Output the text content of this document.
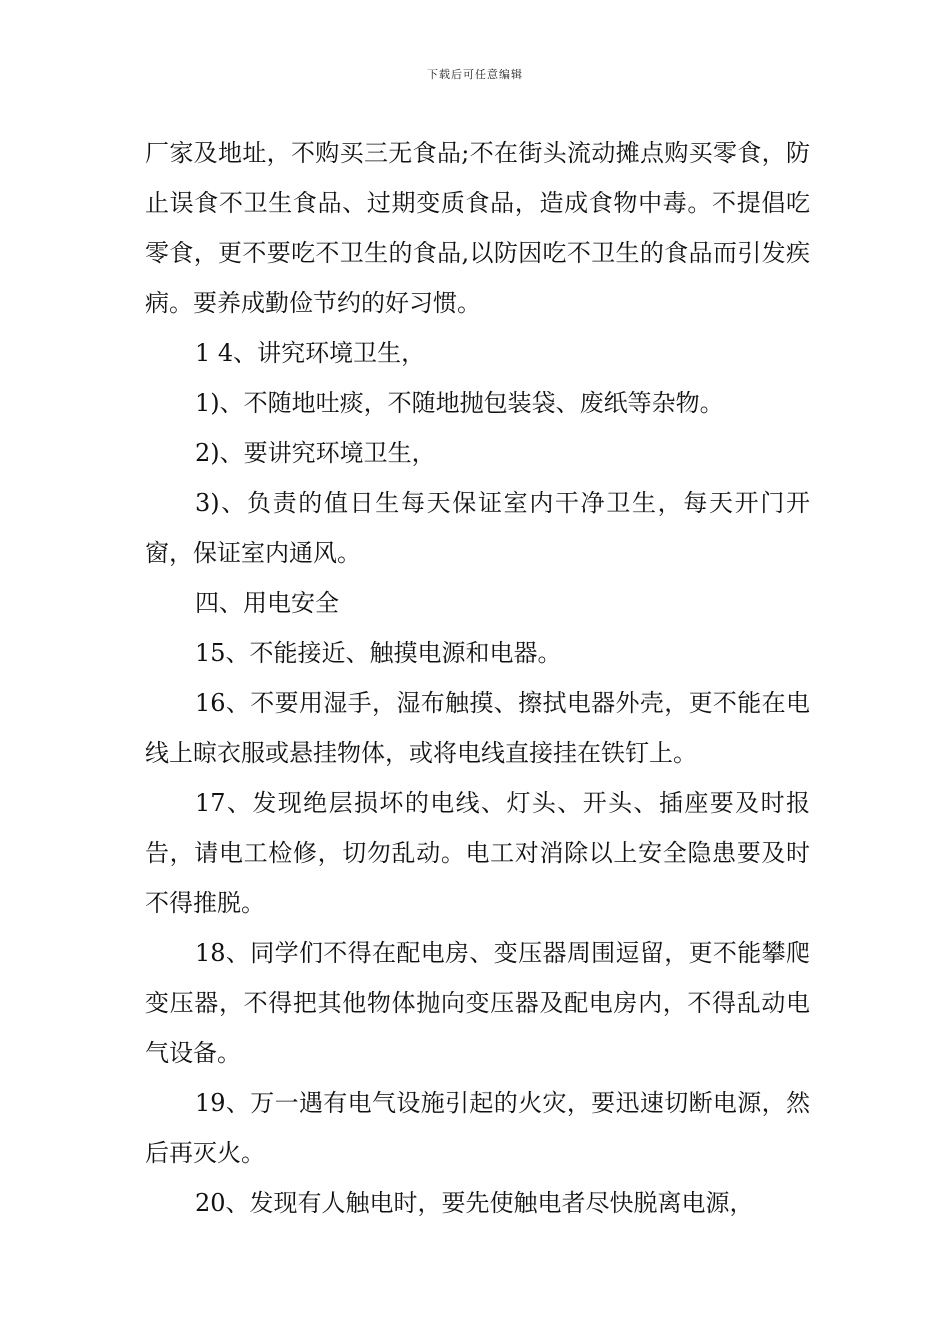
下载后可任意编辑

厂家及地址，不购买三无食品;不在街头流动摊点购买零食，防止误食不卫生食品、过期变质食品，造成食物中毒。不提倡吃零食，更不要吃不卫生的食品,以防因吃不卫生的食品而引发疾病。要养成勤俭节约的好习惯。

1 4、讲究环境卫生，

1)、不随地吐痰，不随地抛包装袋、废纸等杂物。

2)、要讲究环境卫生，

3)、负责的值日生每天保证室内干净卫生，每天开门开窗，保证室内通风。

四、用电安全

15、不能接近、触摸电源和电器。

16、不要用湿手，湿布触摸、擦拭电器外壳，更不能在电线上晾衣服或悬挂物体，或将电线直接挂在铁钉上。

17、发现绝层损坏的电线、灯头、开头、插座要及时报告，请电工检修，切勿乱动。电工对消除以上安全隐患要及时不得推脱。

18、同学们不得在配电房、变压器周围逗留，更不能攀爬变压器，不得把其他物体抛向变压器及配电房内，不得乱动电气设备。

19、万一遇有电气设施引起的火灾，要迅速切断电源，然后再灭火。

20、发现有人触电时，要先使触电者尽快脱离电源，
